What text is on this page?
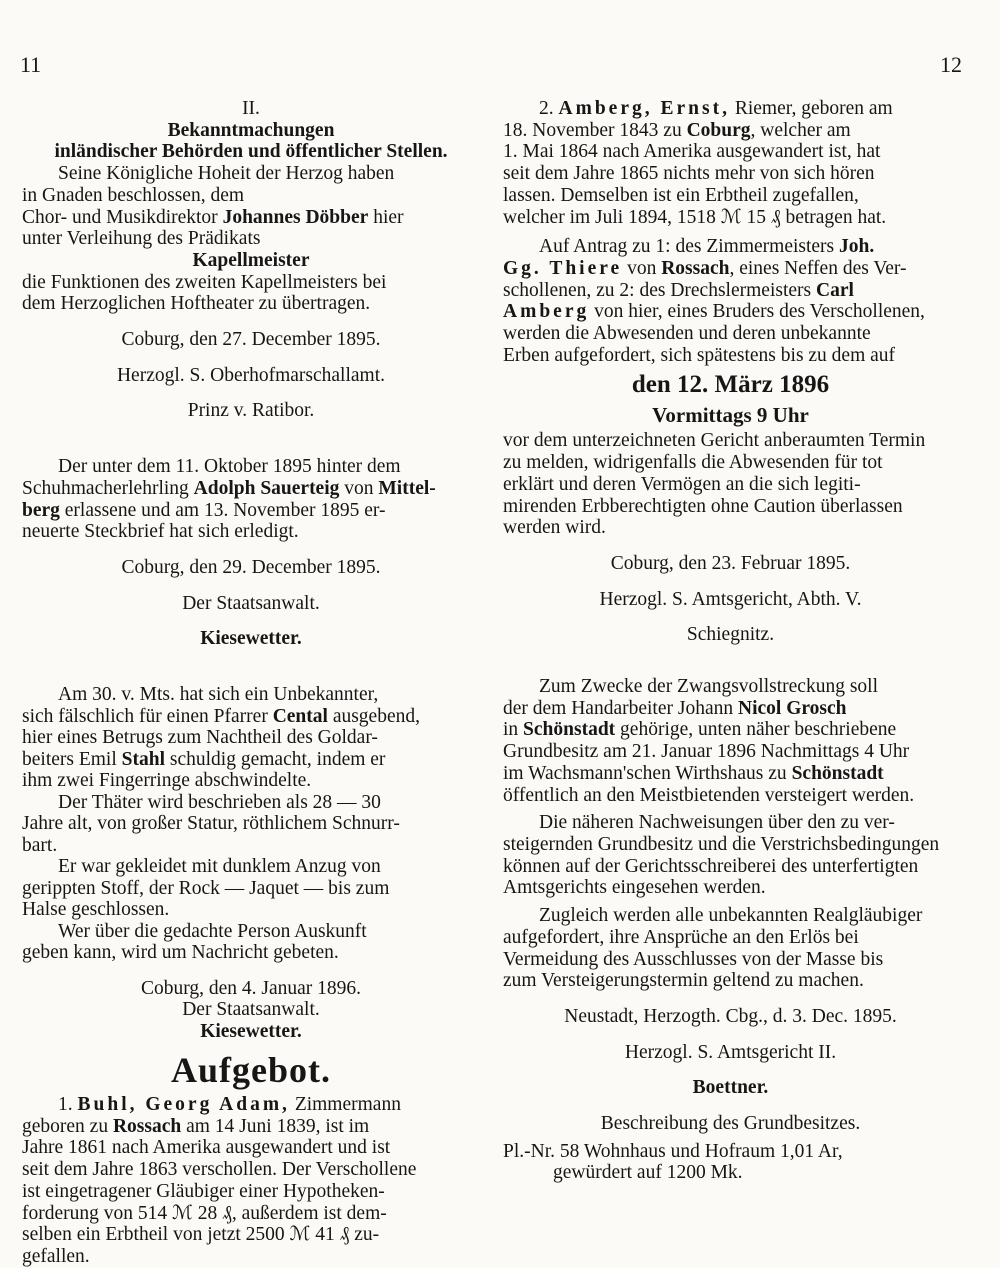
11	12

II.

Bekanntmachungen

inländischer Behörden und öffentlicher Stellen.

Seine Königliche Hoheit der Herzog haben

in Gnaden beschlossen, dem

Chor- und Musikdirektor Johannes Döbber hier

unter Verleihung des Prädikats

Kapellmeister

die Funktionen des zweiten Kapellmeisters bei

dem Herzoglichen Hoftheater zu übertragen.

Coburg, den 27. December 1895.

Herzogl. S. Oberhofmarschallamt.

Prinz v. Ratibor.

Der unter dem 11. Oktober 1895 hinter dem

Schuhmacherlehrling Adolph Sauerteig von Mittel-

berg erlassene und am 13. November 1895 er-

neuerte Steckbrief hat sich erledigt.

Coburg, den 29. December 1895.

Der Staatsanwalt.

Kiesewetter.

Am 30. v. Mts. hat sich ein Unbekannter,

sich fälschlich für einen Pfarrer Cental ausgebend,

hier eines Betrugs zum Nachtheil des Goldar-

beiters Emil Stahl schuldig gemacht, indem er

ihm zwei Fingerringe abschwindelte.

Der Thäter wird beschrieben als 28 — 30

Jahre alt, von großer Statur, röthlichem Schnurr-

bart.

Er war gekleidet mit dunklem Anzug von

gerippten Stoff, der Rock — Jaquet — bis zum

Halse geschlossen.

Wer über die gedachte Person Auskunft

geben kann, wird um Nachricht gebeten.

Coburg, den 4. Januar 1896.

Der Staatsanwalt.

Kiesewetter.

Aufgebot.

1. Buhl, Georg Adam, Zimmermann

geboren zu Rossach am 14 Juni 1839, ist im

Jahre 1861 nach Amerika ausgewandert und ist

seit dem Jahre 1863 verschollen. Der Verschollene

ist eingetragener Gläubiger einer Hypotheken-

forderung von 514 ℳ 28 ₰, außerdem ist dem-

selben ein Erbtheil von jetzt 2500 ℳ 41 ₰ zu-

gefallen.

2. Amberg, Ernst, Riemer, geboren am

18. November 1843 zu Coburg, welcher am

1. Mai 1864 nach Amerika ausgewandert ist, hat

seit dem Jahre 1865 nichts mehr von sich hören

lassen. Demselben ist ein Erbtheil zugefallen,

welcher im Juli 1894, 1518 ℳ 15 ₰ betragen hat.

Auf Antrag zu 1: des Zimmermeisters Joh.

Gg. Thiere von Rossach, eines Neffen des Ver-

schollenen, zu 2: des Drechslermeisters Carl

Amberg von hier, eines Bruders des Verschollenen,

werden die Abwesenden und deren unbekannte

Erben aufgefordert, sich spätestens bis zu dem auf

den 12. März 1896

Vormittags 9 Uhr

vor dem unterzeichneten Gericht anberaumten Termin

zu melden, widrigenfalls die Abwesenden für tot

erklärt und deren Vermögen an die sich legiti-

mirenden Erbberechtigten ohne Caution überlassen

werden wird.

Coburg, den 23. Februar 1895.

Herzogl. S. Amtsgericht, Abth. V.

Schiegnitz.

Zum Zwecke der Zwangsvollstreckung soll

der dem Handarbeiter Johann Nicol Grosch

in Schönstadt gehörige, unten näher beschriebene

Grundbesitz am 21. Januar 1896 Nachmittags 4 Uhr

im Wachsmann'schen Wirthshaus zu Schönstadt

öffentlich an den Meistbietenden versteigert werden.

Die näheren Nachweisungen über den zu ver-

steigernden Grundbesitz und die Verstrichsbedingungen

können auf der Gerichtsschreiberei des unterfertigten

Amtsgerichts eingesehen werden.

Zugleich werden alle unbekannten Realgläubiger

aufgefordert, ihre Ansprüche an den Erlös bei

Vermeidung des Ausschlusses von der Masse bis

zum Versteigerungstermin geltend zu machen.

Neustadt, Herzogth. Cbg., d. 3. Dec. 1895.

Herzogl. S. Amtsgericht II.

Boettner.

Beschreibung des Grundbesitzes.

Pl.-Nr. 58 Wohnhaus und Hofraum 1,01 Ar,

gewürdert auf 1200 Mk.
